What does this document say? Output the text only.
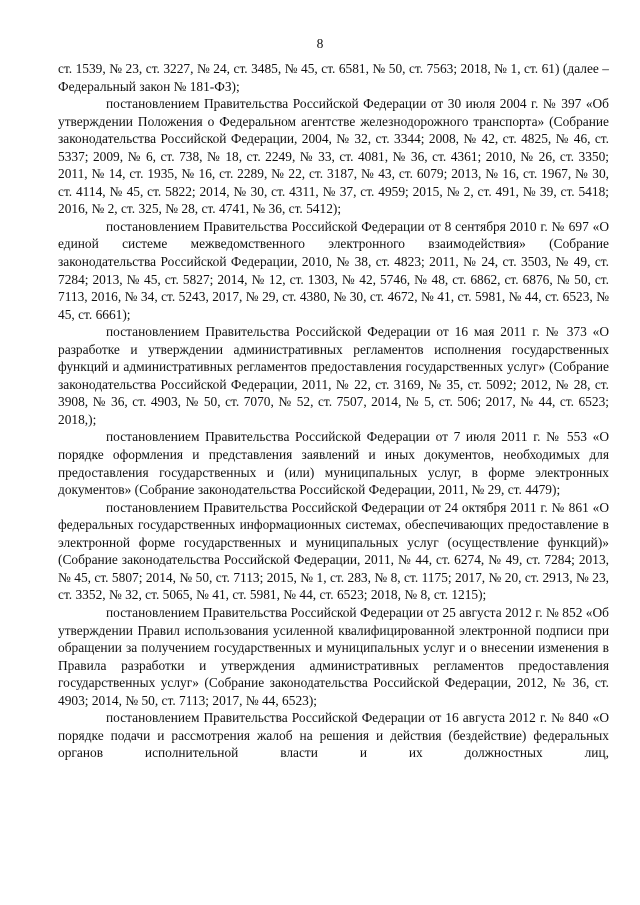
8

ст. 1539, № 23, ст. 3227, № 24, ст. 3485, № 45, ст. 6581, № 50, ст. 7563; 2018, № 1, ст. 61) (далее – Федеральный закон № 181-ФЗ);

постановлением Правительства Российской Федерации от 30 июля 2004 г. № 397 «Об утверждении Положения о Федеральном агентстве железнодорожного транспорта» (Собрание законодательства Российской Федерации, 2004, № 32, ст. 3344; 2008, № 42, ст. 4825, № 46, ст. 5337; 2009, № 6, ст. 738, № 18, ст. 2249, № 33, ст. 4081, № 36, ст. 4361; 2010, № 26, ст. 3350; 2011, № 14, ст. 1935, № 16, ст. 2289, № 22, ст. 3187, № 43, ст. 6079; 2013, № 16, ст. 1967, № 30, ст. 4114, № 45, ст. 5822; 2014, № 30, ст. 4311, № 37, ст. 4959; 2015, № 2, ст. 491, № 39, ст. 5418; 2016, № 2, ст. 325, № 28, ст. 4741, № 36, ст. 5412);

постановлением Правительства Российской Федерации от 8 сентября 2010 г. № 697 «О единой системе межведомственного электронного взаимодействия» (Собрание законодательства Российской Федерации, 2010, № 38, ст. 4823; 2011, № 24, ст. 3503, № 49, ст. 7284; 2013, № 45, ст. 5827; 2014, № 12, ст. 1303, № 42, 5746, № 48, ст. 6862, ст. 6876, № 50, ст. 7113, 2016, № 34, ст. 5243, 2017, № 29, ст. 4380, № 30, ст. 4672, № 41, ст. 5981, № 44, ст. 6523, № 45, ст. 6661);

постановлением Правительства Российской Федерации от 16 мая 2011 г. № 373 «О разработке и утверждении административных регламентов исполнения государственных функций и административных регламентов предоставления государственных услуг» (Собрание законодательства Российской Федерации, 2011, № 22, ст. 3169, № 35, ст. 5092; 2012, № 28, ст. 3908, № 36, ст. 4903, № 50, ст. 7070, № 52, ст. 7507, 2014, № 5, ст. 506; 2017, № 44, ст. 6523; 2018,);

постановлением Правительства Российской Федерации от 7 июля 2011 г. № 553 «О порядке оформления и представления заявлений и иных документов, необходимых для предоставления государственных и (или) муниципальных услуг, в форме электронных документов» (Собрание законодательства Российской Федерации, 2011, № 29, ст. 4479);

постановлением Правительства Российской Федерации от 24 октября 2011 г. № 861 «О федеральных государственных информационных системах, обеспечивающих предоставление в электронной форме государственных и муниципальных услуг (осуществление функций)» (Собрание законодательства Российской Федерации, 2011, № 44, ст. 6274, № 49, ст. 7284; 2013, № 45, ст. 5807; 2014, № 50, ст. 7113; 2015, № 1, ст. 283, № 8, ст. 1175; 2017, № 20, ст. 2913, № 23, ст. 3352, № 32, ст. 5065, № 41, ст. 5981, № 44, ст. 6523; 2018, № 8, ст. 1215);

постановлением Правительства Российской Федерации от 25 августа 2012 г. № 852 «Об утверждении Правил использования усиленной квалифицированной электронной подписи при обращении за получением государственных и муниципальных услуг и о внесении изменения в Правила разработки и утверждения административных регламентов предоставления государственных услуг» (Собрание законодательства Российской Федерации, 2012, № 36, ст. 4903; 2014, № 50, ст. 7113; 2017, № 44, 6523);

постановлением Правительства Российской Федерации от 16 августа 2012 г. № 840 «О порядке подачи и рассмотрения жалоб на решения и действия (бездействие) федеральных органов исполнительной власти и их должностных лиц,
